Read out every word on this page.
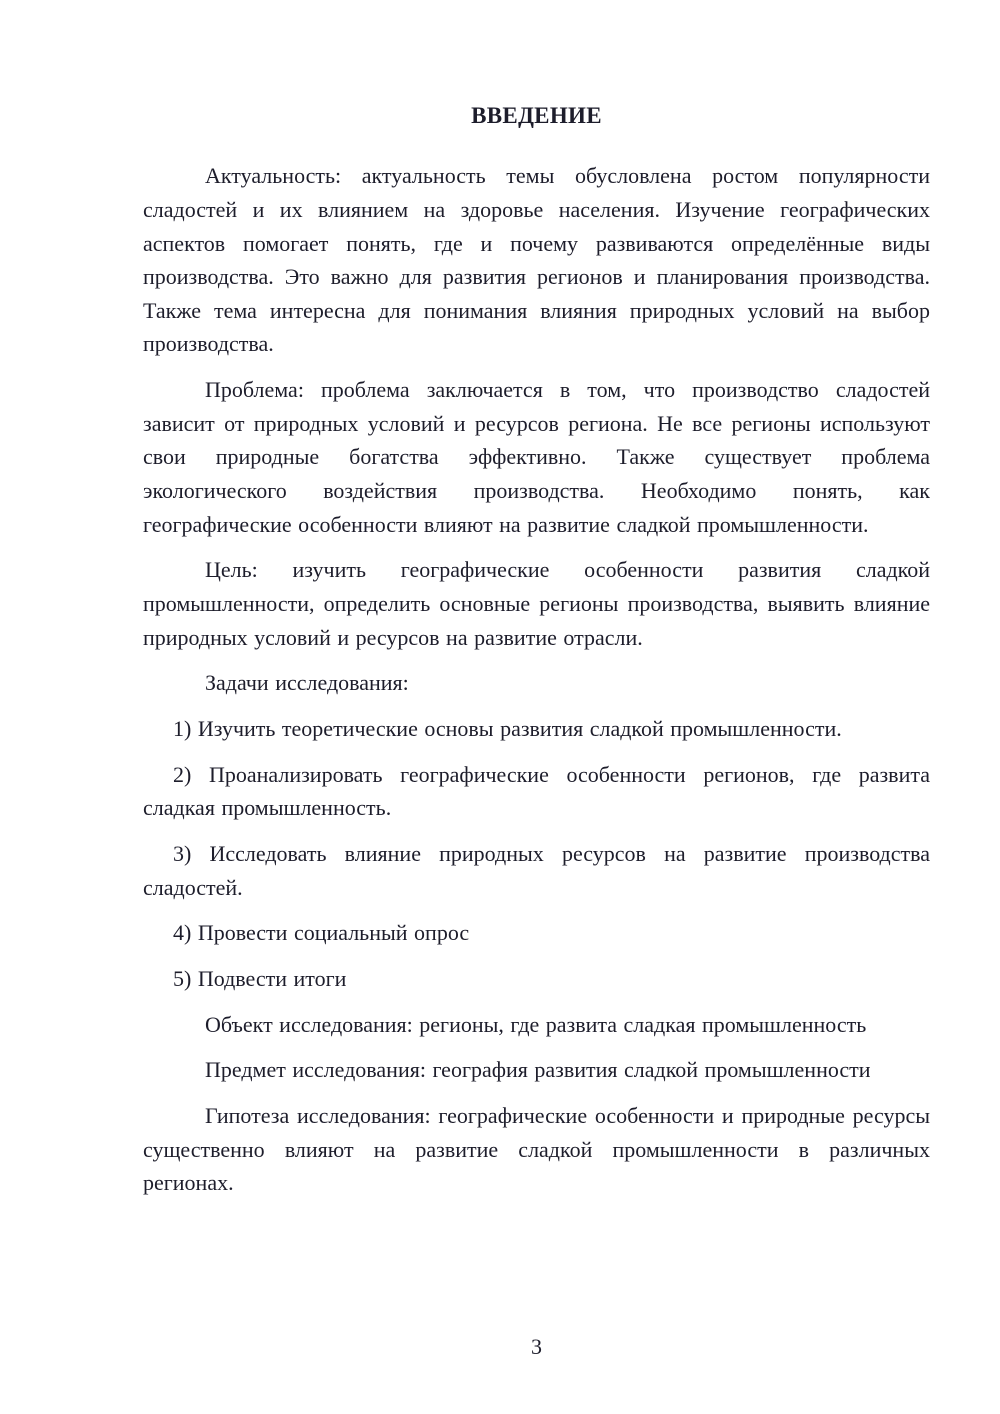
ВВЕДЕНИЕ

Актуальность: актуальность темы обусловлена ростом популярности сладостей и их влиянием на здоровье населения. Изучение географических аспектов помогает понять, где и почему развиваются определённые виды производства. Это важно для развития регионов и планирования производства. Также тема интересна для понимания влияния природных условий на выбор производства.

Проблема: проблема заключается в том, что производство сладостей зависит от природных условий и ресурсов региона. Не все регионы используют свои природные богатства эффективно. Также существует проблема экологического воздействия производства. Необходимо понять, как географические особенности влияют на развитие сладкой промышленности.

Цель: изучить географические особенности развития сладкой промышленности, определить основные регионы производства, выявить влияние природных условий и ресурсов на развитие отрасли.

Задачи исследования:

1) Изучить теоретические основы развития сладкой промышленности.

2) Проанализировать географические особенности регионов, где развита сладкая промышленность.

3) Исследовать влияние природных ресурсов на развитие производства сладостей.

4) Провести социальный опрос

5) Подвести итоги

Объект исследования: регионы, где развита сладкая промышленность

Предмет исследования: география развития сладкой промышленности

Гипотеза исследования: географические особенности и природные ресурсы существенно влияют на развитие сладкой промышленности в различных регионах.

3
